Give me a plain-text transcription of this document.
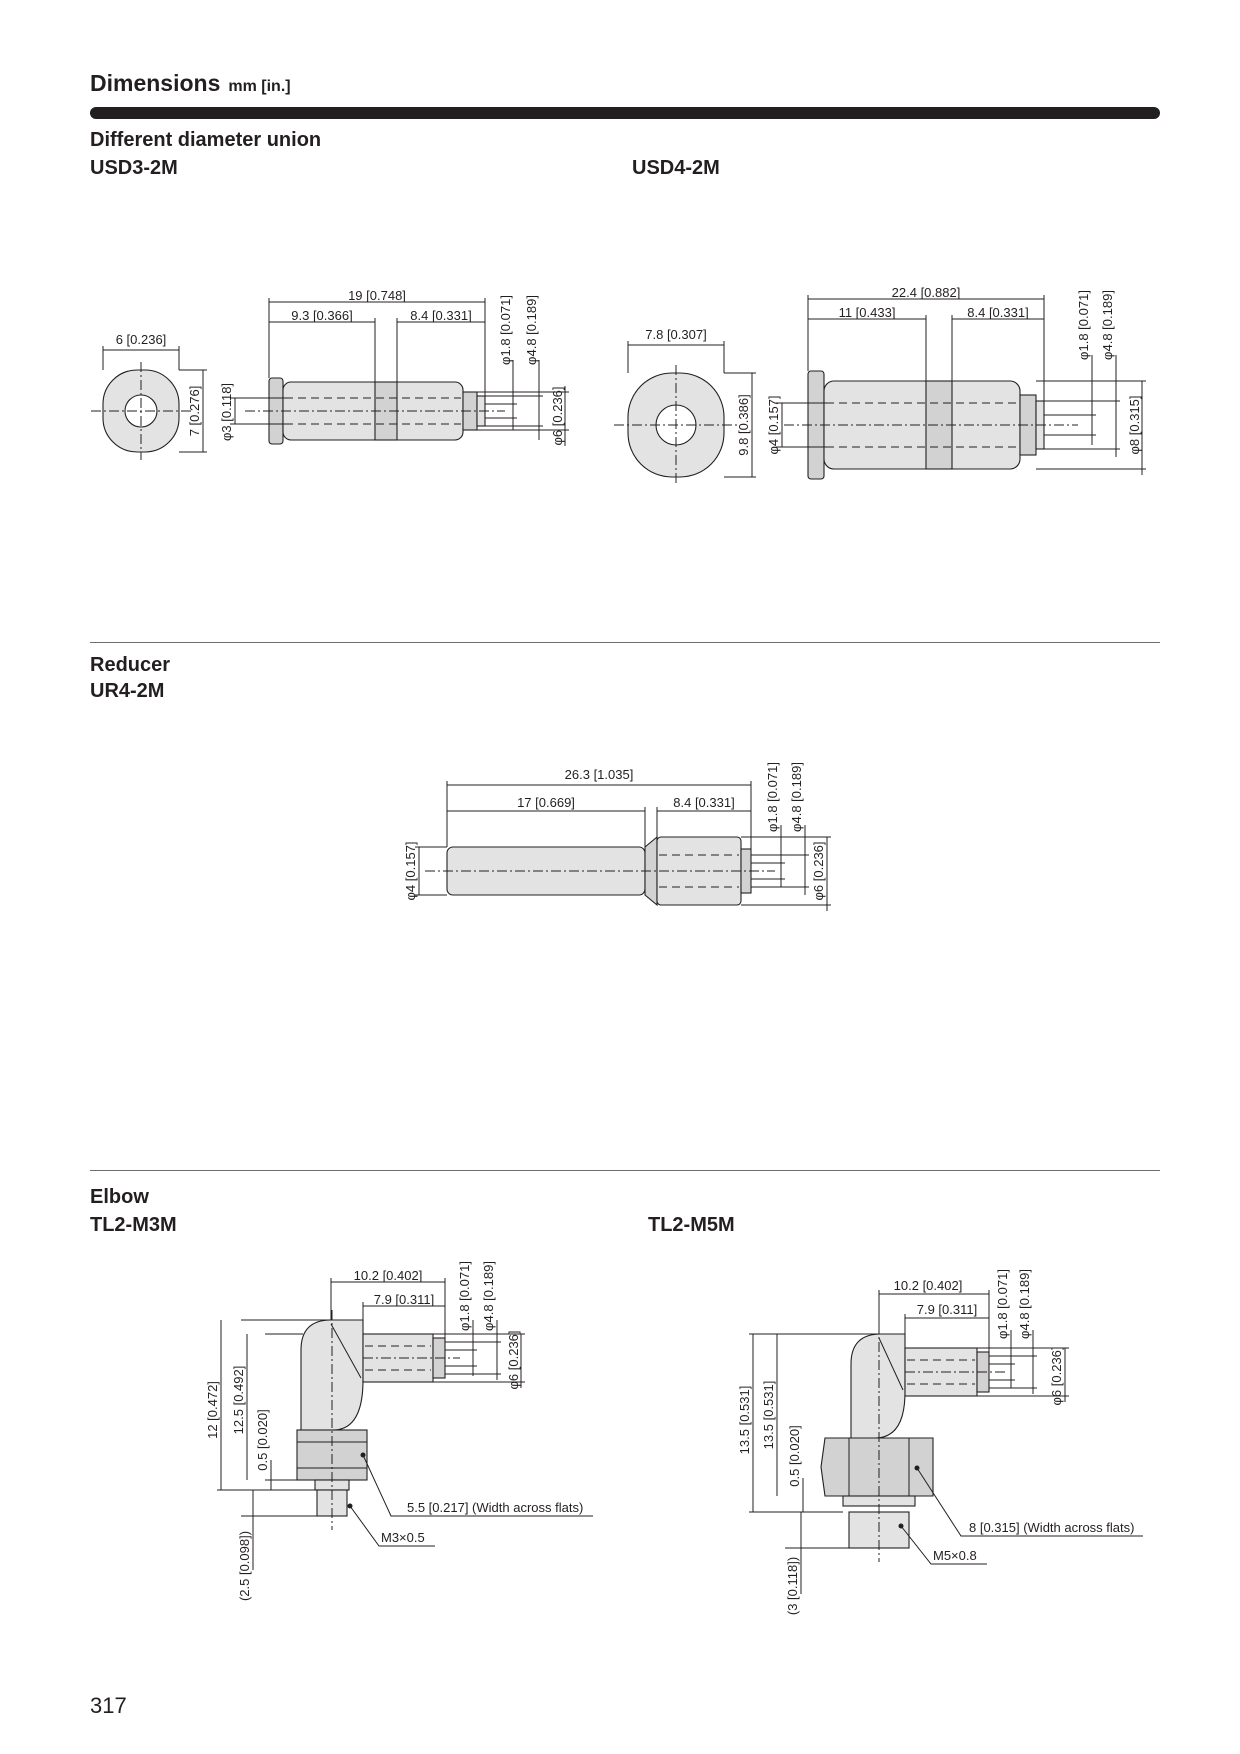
Dimensions mm [in.]
Different diameter union
USD3-2M	USD4-2M
6 [0.236]
7 [0.276] φ3 [0.118]
19 [0.748]
9.3 [0.366]	8.4 [0.331] φ1.8 [0.071] φ4.8 [0.189]
φ6 [0.236]
7.8 [0.307]
9.8 [0.386] φ4 [0.157]
22.4 [0.882]
11 [0.433]	8.4 [0.331]	φ1.8 [0.071] φ4.8 [0.189]
φ8 [0.315]
Reducer
UR4-2M
φ4 [0.157]
26.3 [1.035]
17 [0.669]	8.4 [0.331] φ1.8 [0.071] φ4.8 [0.189]
φ6 [0.236]
Elbow
TL2-M3M	TL2-M5M
12 [0.472] 12.5 [0.492]
0.5 [0.020]
(2.5 [0.098])
10.2 [0.402]
7.9 [0.311] φ1.8 [0.071] φ4.8 [0.189]
φ6 [0.236]
5.5 [0.217] (Width across flats)
M3×0.5
13.5 [0.531] 13.5 [0.531]
0.5 [0.020]
(3 [0.118])
10.2 [0.402]
7.9 [0.311] φ1.8 [0.071] φ4.8 [0.189]
φ6 [0.236]
8 [0.315] (Width across flats)
M5×0.8
317
